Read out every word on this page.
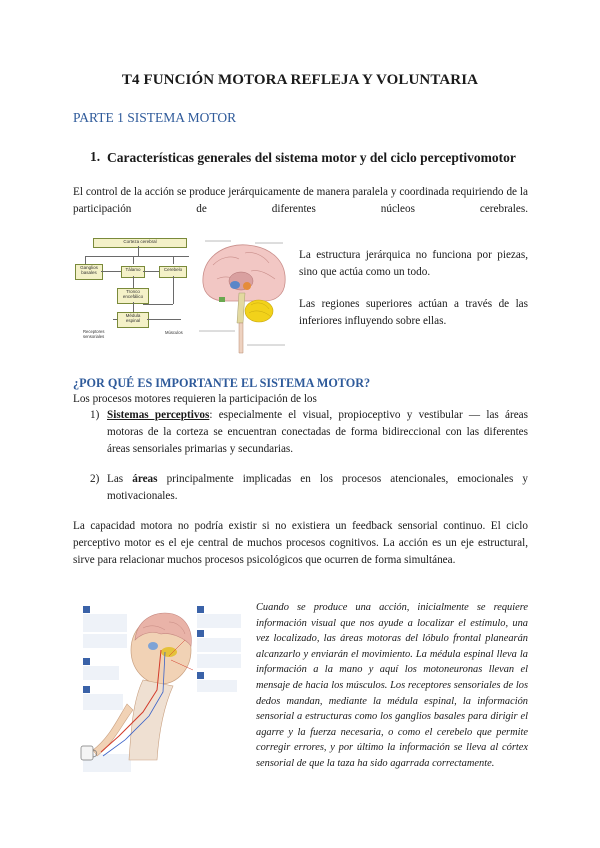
T4 FUNCIÓN MOTORA REFLEJA Y VOLUNTARIA
PARTE 1 SISTEMA MOTOR
1. Características generales del sistema motor y del ciclo perceptivomotor
El control de la acción se produce jerárquicamente de manera paralela y coordinada requiriendo de la participación de diferentes núcleos cerebrales.
Corteza cerebral
Ganglios basales
Tálamo	Cerebelo
Tronco encefálico
Médula espinal
Receptores sensoriales
Músculos
La estructura jerárquica no funciona por piezas, sino que actúa como un todo.
Las regiones superiores actúan a través de las inferiores influyendo sobre ellas.
¿POR QUÉ ES IMPORTANTE EL SISTEMA MOTOR?
Los procesos motores requieren la participación de los
1) Sistemas perceptivos: especialmente el visual, propioceptivo y vestibular — las áreas motoras de la corteza se encuentran conectadas de forma bidireccional con las diferentes áreas sensoriales primarias y secundarias.
2) Las áreas principalmente implicadas en los procesos atencionales, emocionales y motivacionales.
La capacidad motora no podría existir si no existiera un feedback sensorial continuo. El ciclo perceptivo motor es el eje central de muchos procesos cognitivos. La acción es un eje estructural, sirve para relacionar muchos procesos psicológicos que ocurren de forma simultánea.
Cuando se produce una acción, inicialmente se requiere información visual que nos ayude a localizar el estímulo, una vez localizado, las áreas motoras del lóbulo frontal planearán alcanzarlo y enviarán el movimiento. La médula espinal lleva la información a la mano y aquí los motoneuronas llevan el mensaje de hacia los músculos. Los receptores sensoriales de los dedos mandan, mediante la médula espinal, la información sensorial a estructuras como los ganglios basales para dirigir el agarre y la fuerza necesaria, o como el cerebelo que permite corregir errores, y por último la información se lleva al córtex sensorial de que la taza ha sido agarrada correctamente.
